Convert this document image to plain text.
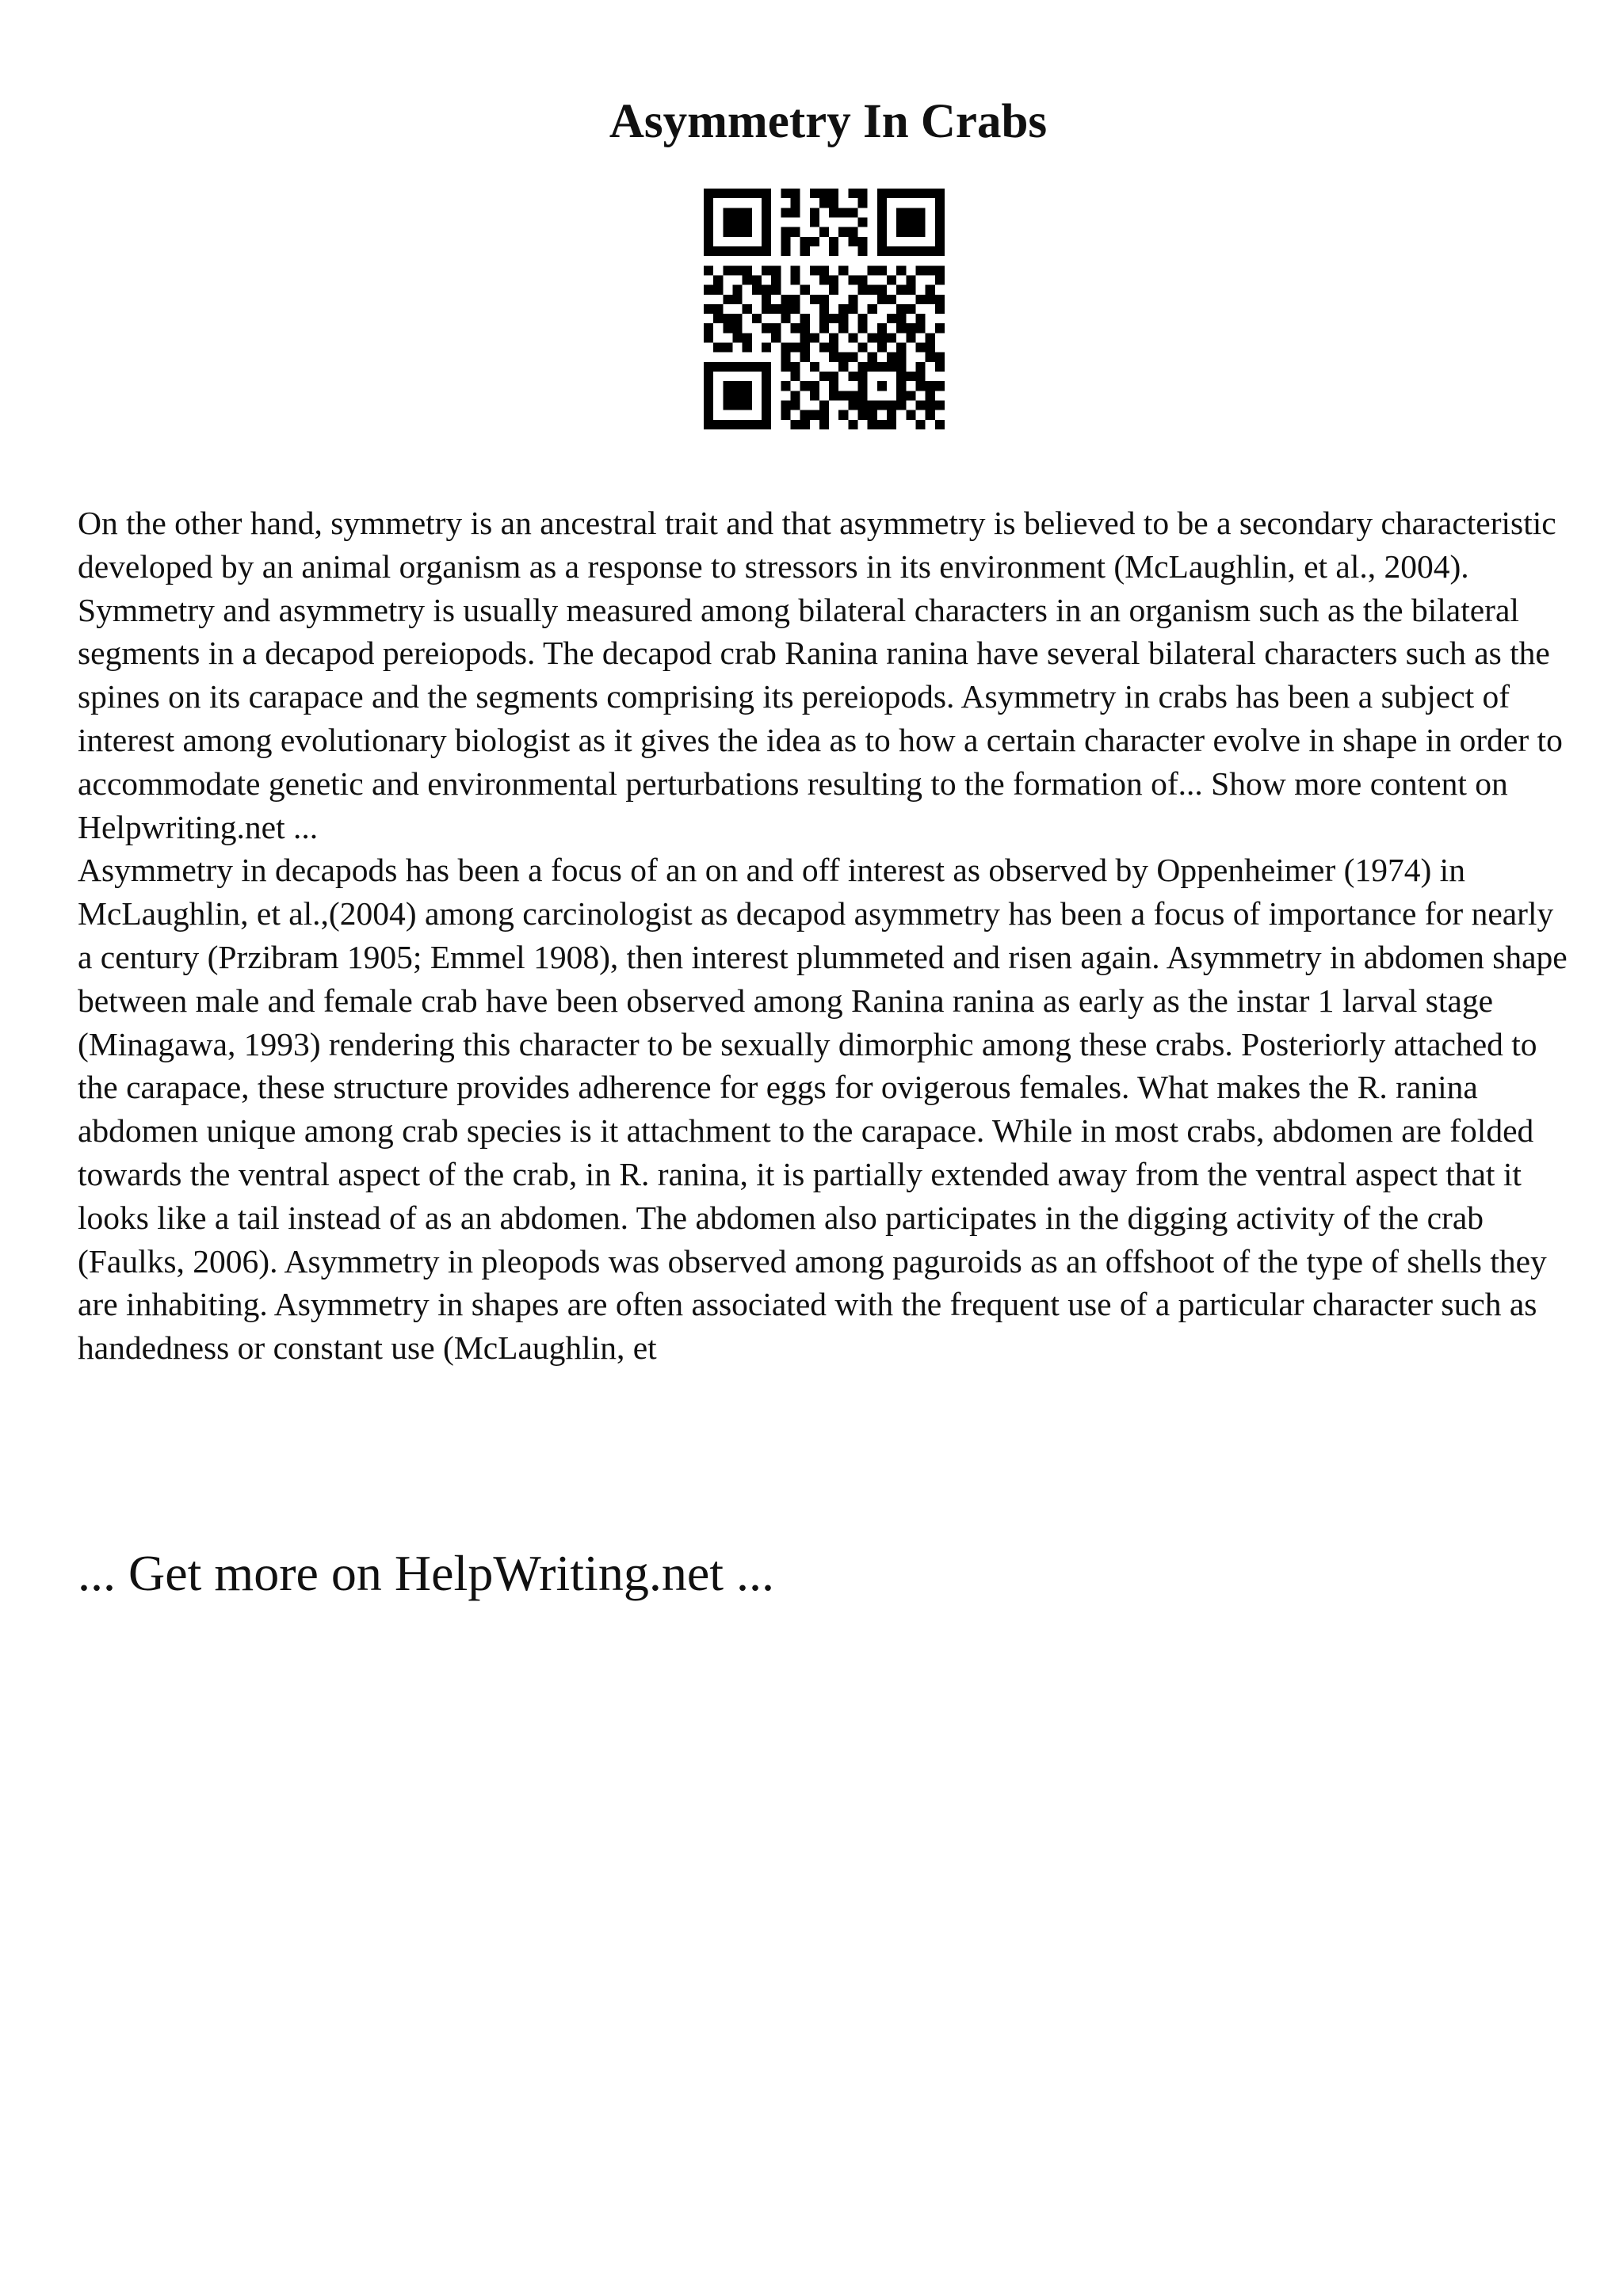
Asymmetry In Crabs

On the other hand, symmetry is an ancestral trait and that asymmetry is believed to be a secondary characteristic developed by an animal organism as a response to stressors in its environment (McLaughlin, et al., 2004). Symmetry and asymmetry is usually measured among bilateral characters in an organism such as the bilateral segments in a decapod pereiopods. The decapod crab Ranina ranina have several bilateral characters such as the spines on its carapace and the segments comprising its pereiopods. Asymmetry in crabs has been a subject of interest among evolutionary biologist as it gives the idea as to how a certain character evolve in shape in order to accommodate genetic and environmental perturbations resulting to the formation of... Show more content on Helpwriting.net ...

Asymmetry in decapods has been a focus of an on and off interest as observed by Oppenheimer (1974) in McLaughlin, et al.,(2004) among carcinologist as decapod asymmetry has been a focus of importance for nearly a century (Przibram 1905; Emmel 1908), then interest plummeted and risen again. Asymmetry in abdomen shape between male and female crab have been observed among Ranina ranina as early as the instar 1 larval stage (Minagawa, 1993) rendering this character to be sexually dimorphic among these crabs. Posteriorly attached to the carapace, these structure provides adherence for eggs for ovigerous females. What makes the R. ranina abdomen unique among crab species is it attachment to the carapace. While in most crabs, abdomen are folded towards the ventral aspect of the crab, in R. ranina, it is partially extended away from the ventral aspect that it looks like a tail instead of as an abdomen. The abdomen also participates in the digging activity of the crab (Faulks, 2006). Asymmetry in pleopods was observed among paguroids as an offshoot of the type of shells they are inhabiting. Asymmetry in shapes are often associated with the frequent use of a particular character such as handedness or constant use (McLaughlin, et

... Get more on HelpWriting.net ...
